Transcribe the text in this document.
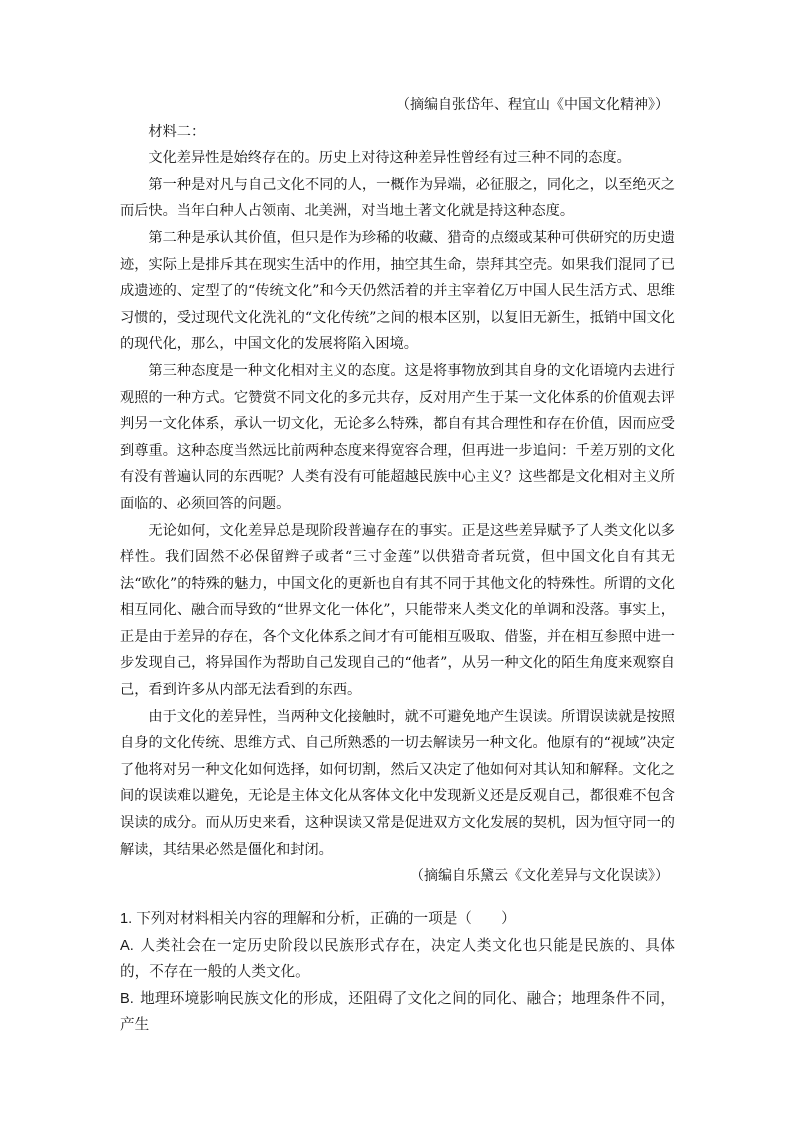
（摘编自张岱年、程宜山《中国文化精神》）

材料二：

文化差异性是始终存在的。历史上对待这种差异性曾经有过三种不同的态度。

第一种是对凡与自己文化不同的人，一概作为异端，必征服之，同化之，以至绝灭之而后快。当年白种人占领南、北美洲，对当地土著文化就是持这种态度。

第二种是承认其价值，但只是作为珍稀的收藏、猎奇的点缀或某种可供研究的历史遗迹，实际上是排斥其在现实生活中的作用，抽空其生命，崇拜其空壳。如果我们混同了已成遗迹的、定型了的“传统文化”和今天仍然活着的并主宰着亿万中国人民生活方式、思维习惯的，受过现代文化洗礼的“文化传统”之间的根本区别，以复旧无新生，抵销中国文化的现代化，那么，中国文化的发展将陷入困境。

第三种态度是一种文化相对主义的态度。这是将事物放到其自身的文化语境内去进行观照的一种方式。它赞赏不同文化的多元共存，反对用产生于某一文化体系的价值观去评判另一文化体系，承认一切文化，无论多么特殊，都自有其合理性和存在价值，因而应受到尊重。这种态度当然远比前两种态度来得宽容合理，但再进一步追问：千差万别的文化有没有普遍认同的东西呢？人类有没有可能超越民族中心主义？这些都是文化相对主义所面临的、必须回答的问题。

无论如何，文化差异总是现阶段普遍存在的事实。正是这些差异赋予了人类文化以多样性。我们固然不必保留辫子或者“三寸金莲”以供猎奇者玩赏，但中国文化自有其无法“欧化”的特殊的魅力，中国文化的更新也自有其不同于其他文化的特殊性。所谓的文化相互同化、融合而导致的“世界文化一体化”，只能带来人类文化的单调和没落。事实上，正是由于差异的存在，各个文化体系之间才有可能相互吸取、借鉴，并在相互参照中进一步发现自己，将异国作为帮助自己发现自己的“他者”，从另一种文化的陌生角度来观察自己，看到许多从内部无法看到的东西。

由于文化的差异性，当两种文化接触时，就不可避免地产生误读。所谓误读就是按照自身的文化传统、思维方式、自己所熟悉的一切去解读另一种文化。他原有的“视域”决定了他将对另一种文化如何选择，如何切割，然后又决定了他如何对其认知和解释。文化之间的误读难以避免，无论是主体文化从客体文化中发现新义还是反观自己，都很难不包含误读的成分。而从历史来看，这种误读又常是促进双方文化发展的契机，因为恒守同一的解读，其结果必然是僵化和封闭。

（摘编自乐黛云《文化差异与文化误读》）

1. 下列对材料相关内容的理解和分析，正确的一项是（　　）

A. 人类社会在一定历史阶段以民族形式存在，决定人类文化也只能是民族的、具体的，不存在一般的人类文化。

B. 地理环境影响民族文化的形成，还阻碍了文化之间的同化、融合；地理条件不同，产生
